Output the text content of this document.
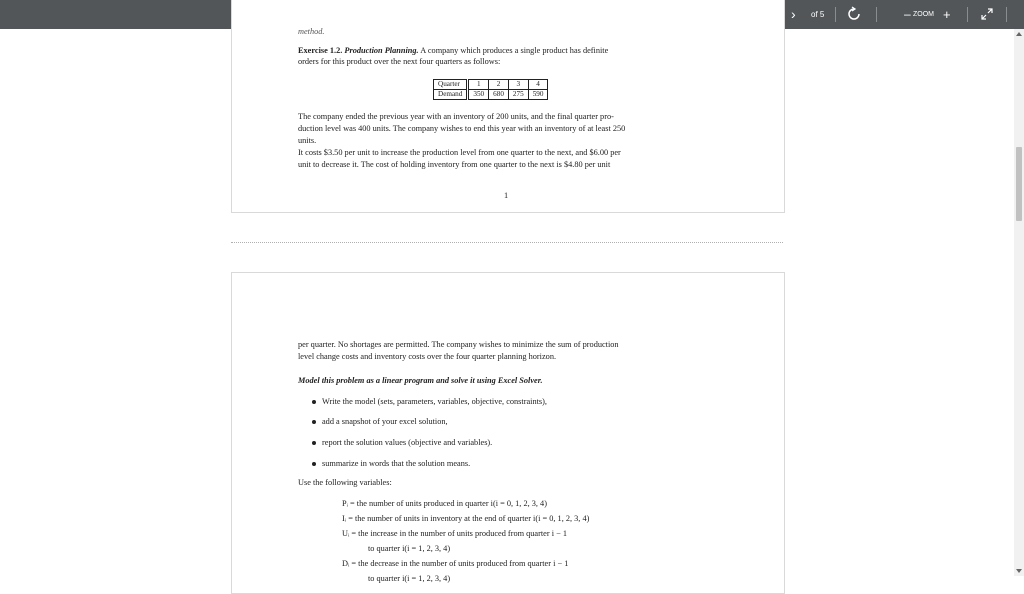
2
› of 5	– ZOOM +
method.
Exercise 1.2. Production Planning. A company which produces a single product has definite
orders for this product over the next four quarters as follows:
Quarter	1	2	3	4
Demand	350	680	275	590
The company ended the previous year with an inventory of 200 units, and the final quarter pro-
duction level was 400 units. The company wishes to end this year with an inventory of at least 250
units.
It costs $3.50 per unit to increase the production level from one quarter to the next, and $6.00 per
unit to decrease it. The cost of holding inventory from one quarter to the next is $4.80 per unit
1
per quarter. No shortages are permitted. The company wishes to minimize the sum of production
level change costs and inventory costs over the four quarter planning horizon.
Model this problem as a linear program and solve it using Excel Solver.
Write the model (sets, parameters, variables, objective, constraints),
add a snapshot of your excel solution,
report the solution values (objective and variables).
summarize in words that the solution means.
Use the following variables:
Pᵢ = the number of units produced in quarter i(i = 0, 1, 2, 3, 4)
Iᵢ = the number of units in inventory at the end of quarter i(i = 0, 1, 2, 3, 4)
Uᵢ = the increase in the number of units produced from quarter i − 1
to quarter i(i = 1, 2, 3, 4)
Dᵢ = the decrease in the number of units produced from quarter i − 1
to quarter i(i = 1, 2, 3, 4)
